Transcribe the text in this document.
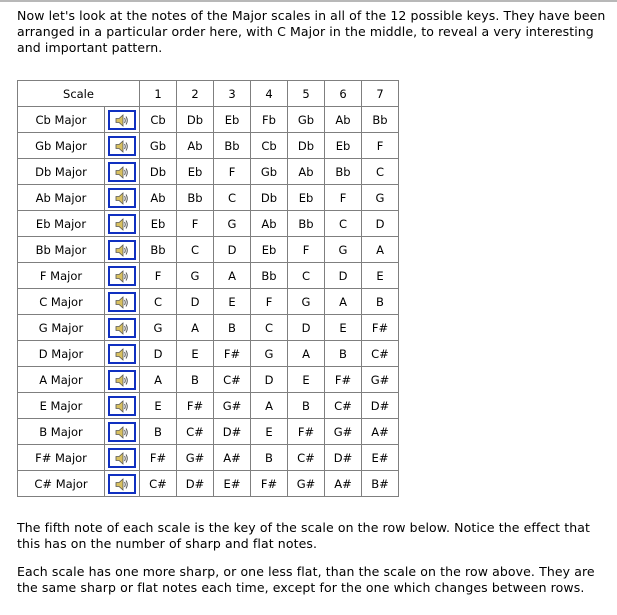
Now let's look at the notes of the Major scales in all of the 12 possible keys. They have been arranged in a particular order here, with C Major in the middle, to reveal a very interesting and important pattern.

Scale		1	2	3	4	5	6	7
Cb Major		Cb	Db	Eb	Fb	Gb	Ab	Bb
Gb Major		Gb	Ab	Bb	Cb	Db	Eb	F
Db Major		Db	Eb	F	Gb	Ab	Bb	C
Ab Major		Ab	Bb	C	Db	Eb	F	G
Eb Major		Eb	F	G	Ab	Bb	C	D
Bb Major		Bb	C	D	Eb	F	G	A
F Major		F	G	A	Bb	C	D	E
C Major		C	D	E	F	G	A	B
G Major		G	A	B	C	D	E	F#
D Major		D	E	F#	G	A	B	C#
A Major		A	B	C#	D	E	F#	G#
E Major		E	F#	G#	A	B	C#	D#
B Major		B	C#	D#	E	F#	G#	A#
F# Major		F#	G#	A#	B	C#	D#	E#
C# Major		C#	D#	E#	F#	G#	A#	B#

The fifth note of each scale is the key of the scale on the row below. Notice the effect that this has on the number of sharp and flat notes.

Each scale has one more sharp, or one less flat, than the scale on the row above. They are the same sharp or flat notes each time, except for the one which changes between rows.
